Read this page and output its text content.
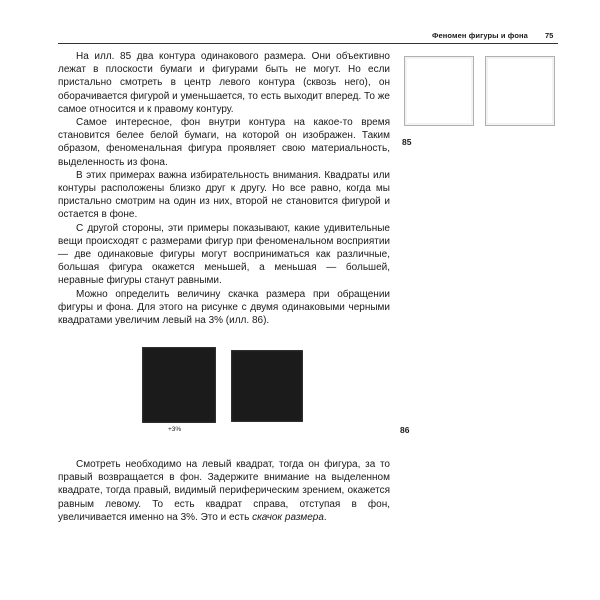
Феномен фигуры и фона 75

На илл. 85 два контура одинакового размера. Они объективно лежат в плоскости бумаги и фигурами быть не могут. Но если пристально смотреть в центр левого контура (сквозь него), он оборачивается фигурой и уменьшается, то есть выходит вперед. То же самое относится и к правому контуру.

Самое интересное, фон внутри контура на какое-то время становится белее белой бумаги, на которой он изображен. Таким образом, феноменальная фигура проявляет свою материальность, выделенность из фона.

В этих примерах важна избирательность внимания. Квадраты или контуры расположены близко друг к другу. Но все равно, когда мы пристально смотрим на один из них, второй не становится фигурой и остается в фоне.

С другой стороны, эти примеры показывают, какие удивительные вещи происходят с размерами фигур при феноменальном восприятии — две одинаковые фигуры могут восприниматься как различные, большая фигура окажется меньшей, а меньшая — большей, неравные фигуры станут равными.

Можно определить величину скачка размера при обращении фигуры и фона. Для этого на рисунке с двумя одинаковыми черными квадратами увеличим левый на 3% (илл. 86).

85
+3%	86

Смотреть необходимо на левый квадрат, тогда он фигура, за то правый возвращается в фон. Задержите внимание на выделенном квадрате, тогда правый, видимый периферическим зрением, окажется равным левому. То есть квадрат справа, отступая в фон, увеличивается именно на 3%. Это и есть скачок размера.
